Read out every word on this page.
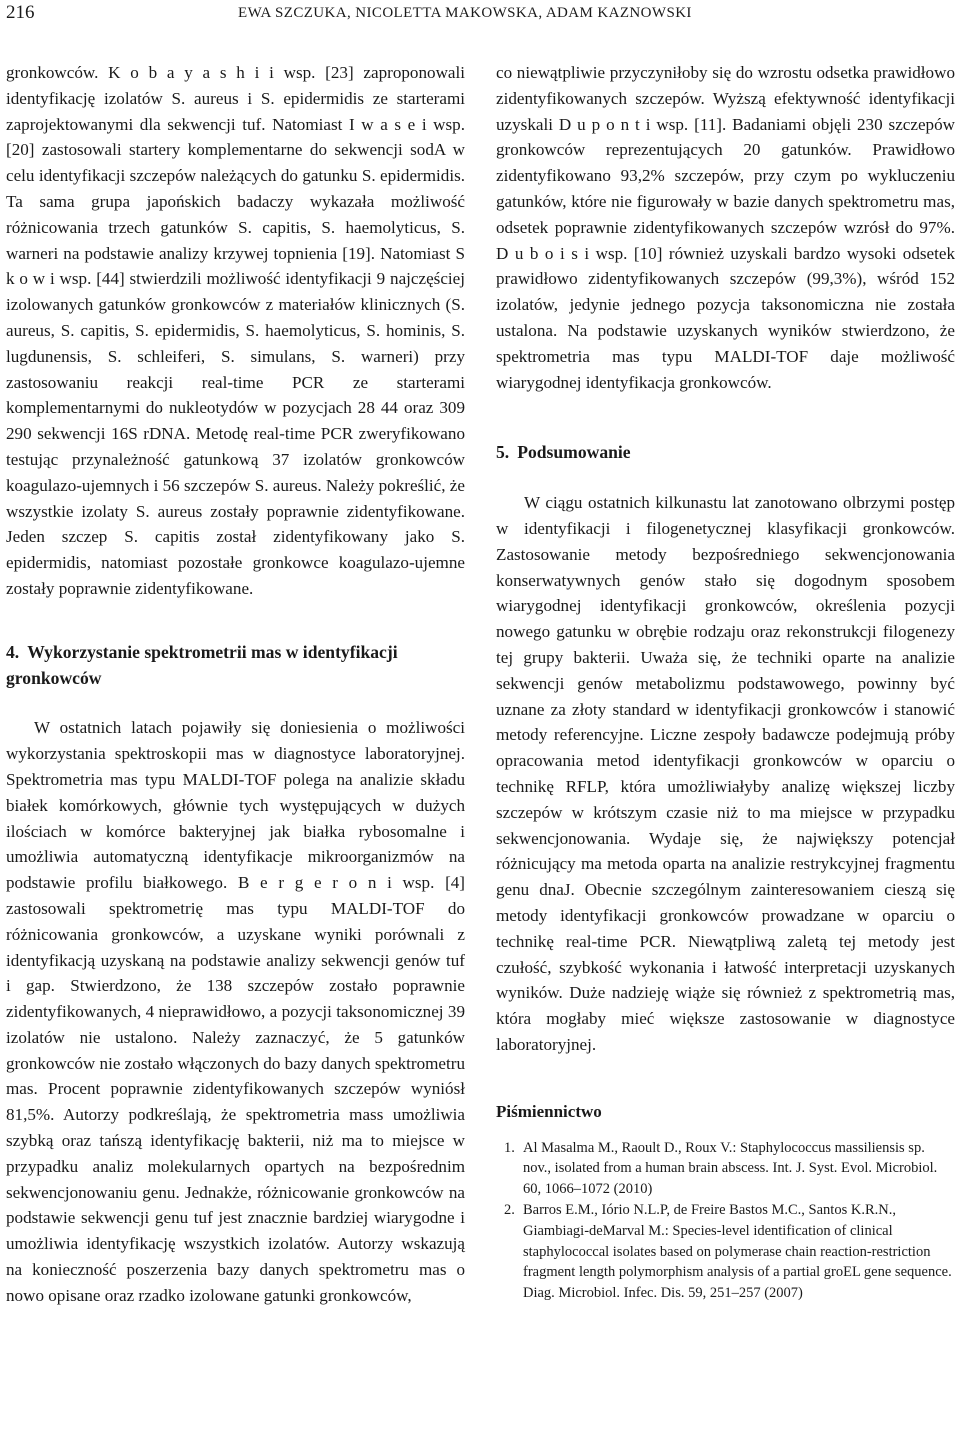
216	EWA SZCZUKA, NICOLETTA MAKOWSKA, ADAM KAZNOWSKI

gronkowców. K o b a y a s h i i wsp. [23] zaproponowali identyfikację izolatów S. aureus i S. epidermidis ze starterami zaprojektowanymi dla sekwencji tuf. Natomiast I w a s e i wsp. [20] zastosowali startery komplementarne do sekwencji sodA w celu identyfikacji szczepów należących do gatunku S. epidermidis. Ta sama grupa japońskich badaczy wykazała możliwość różnicowania trzech gatunków S. capitis, S. haemolyticus, S. warneri na podstawie analizy krzywej topnienia [19]. Natomiast S k o w i wsp. [44] stwierdzili możliwość identyfikacji 9 najczęściej izolowanych gatunków gronkowców z materiałów klinicznych (S. aureus, S. capitis, S. epidermidis, S. haemolyticus, S. hominis, S. lugdunensis, S. schleiferi, S. simulans, S. warneri) przy zastosowaniu reakcji real-time PCR ze starterami komplementarnymi do nukleotydów w pozycjach 28 44 oraz 309 290 sekwencji 16S rDNA. Metodę real-time PCR zweryfikowano testując przynależność gatunkową 37 izolatów gronkowców koagulazo-ujemnych i 56 szczepów S. aureus. Należy pokreślić, że wszystkie izolaty S. aureus zostały poprawnie zidentyfikowane. Jeden szczep S. capitis został zidentyfikowany jako S. epidermidis, natomiast pozostałe gronkowce koagulazo-ujemne zostały poprawnie zidentyfikowane.

4. Wykorzystanie spektrometrii mas w identyfikacji gronkowców

W ostatnich latach pojawiły się doniesienia o możliwości wykorzystania spektroskopii mas w diagnostyce laboratoryjnej. Spektrometria mas typu MALDI-TOF polega na analizie składu białek komórkowych, głównie tych występujących w dużych ilościach w komórce bakteryjnej jak białka rybosomalne i umożliwia automatyczną identyfikacje mikroorganizmów na podstawie profilu białkowego. B e r g e r o n i wsp. [4] zastosowali spektrometrię mas typu MALDI-TOF do różnicowania gronkowców, a uzyskane wyniki porównali z identyfikacją uzyskaną na podstawie analizy sekwencji genów tuf i gap. Stwierdzono, że 138 szczepów zostało poprawnie zidentyfikowanych, 4 nieprawidłowo, a pozycji taksonomicznej 39 izolatów nie ustalono. Należy zaznaczyć, że 5 gatunków gronkowców nie zostało włączonych do bazy danych spektrometru mas. Procent poprawnie zidentyfikowanych szczepów wyniósł 81,5%. Autorzy podkreślają, że spektrometria mass umożliwia szybką oraz tańszą identyfikację bakterii, niż ma to miejsce w przypadku analiz molekularnych opartych na bezpośrednim sekwencjonowaniu genu. Jednakże, różnicowanie gronkowców na podstawie sekwencji genu tuf jest znacznie bardziej wiarygodne i umożliwia identyfikację wszystkich izolatów. Autorzy wskazują na konieczność poszerzenia bazy danych spektrometru mas o nowo opisane oraz rzadko izolowane gatunki gronkowców,

co niewątpliwie przyczyniłoby się do wzrostu odsetka prawidłowo zidentyfikowanych szczepów. Wyższą efektywność identyfikacji uzyskali D u p o n t i wsp. [11]. Badaniami objęli 230 szczepów gronkowców reprezentujących 20 gatunków. Prawidłowo zidentyfikowano 93,2% szczepów, przy czym po wykluczeniu gatunków, które nie figurowały w bazie danych spektrometru mas, odsetek poprawnie zidentyfikowanych szczepów wzrósł do 97%. D u b o i s i wsp. [10] również uzyskali bardzo wysoki odsetek prawidłowo zidentyfikowanych szczepów (99,3%), wśród 152 izolatów, jedynie jednego pozycja taksonomiczna nie została ustalona. Na podstawie uzyskanych wyników stwierdzono, że spektrometria mas typu MALDI-TOF daje możliwość wiarygodnej identyfikacja gronkowców.

5. Podsumowanie

W ciągu ostatnich kilkunastu lat zanotowano olbrzymi postęp w identyfikacji i filogenetycznej klasyfikacji gronkowców. Zastosowanie metody bezpośredniego sekwencjonowania konserwatywnych genów stało się dogodnym sposobem wiarygodnej identyfikacji gronkowców, określenia pozycji nowego gatunku w obrębie rodzaju oraz rekonstrukcji filogenezy tej grupy bakterii. Uważa się, że techniki oparte na analizie sekwencji genów metabolizmu podstawowego, powinny być uznane za złoty standard w identyfikacji gronkowców i stanowić metody referencyjne. Liczne zespoły badawcze podejmują próby opracowania metod identyfikacji gronkowców w oparciu o technikę RFLP, która umożliwiałyby analizę większej liczby szczepów w krótszym czasie niż to ma miejsce w przypadku sekwencjonowania. Wydaje się, że największy potencjał różnicujący ma metoda oparta na analizie restrykcyjnej fragmentu genu dnaJ. Obecnie szczególnym zainteresowaniem cieszą się metody identyfikacji gronkowców prowadzane w oparciu o technikę real-time PCR. Niewątpliwą zaletą tej metody jest czułość, szybkość wykonania i łatwość interpretacji uzyskanych wyników. Duże nadzieję wiąże się również z spektrometrią mas, która mogłaby mieć większe zastosowanie w diagnostyce laboratoryjnej.

Piśmiennictwo
1. Al Masalma M., Raoult D., Roux V.: Staphylococcus massiliensis sp. nov., isolated from a human brain abscess. Int. J. Syst. Evol. Microbiol. 60, 1066–1072 (2010)
2. Barros E.M., Iório N.L.P, de Freire Bastos M.C., Santos K.R.N., Giambiagi-deMarval M.: Species-level identification of clinical staphylococcal isolates based on polymerase chain reaction-restriction fragment length polymorphism analysis of a partial groEL gene sequence. Diag. Microbiol. Infec. Dis. 59, 251–257 (2007)
